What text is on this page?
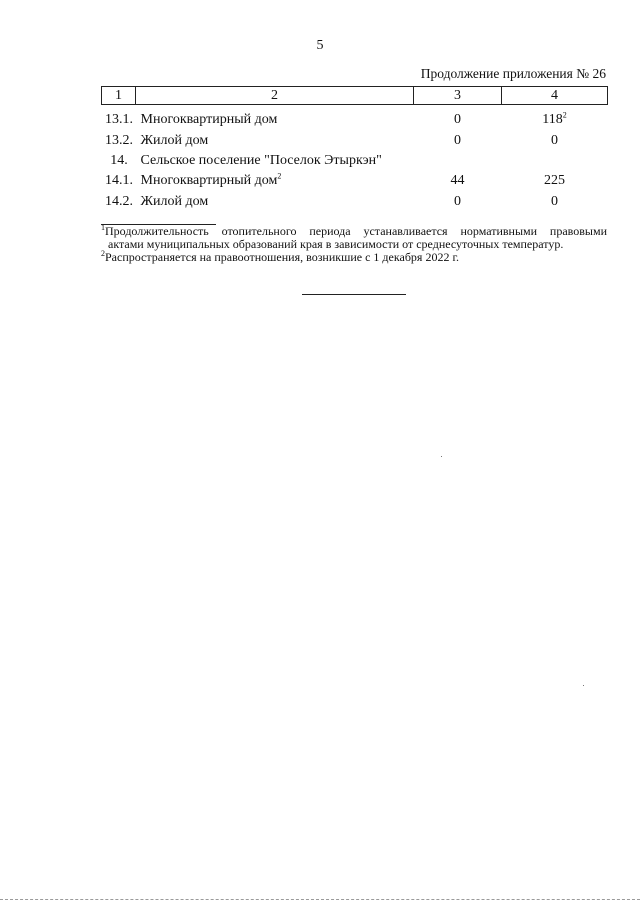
5
Продолжение приложения № 26
1	2	3	4
13.1.	Многоквартирный дом	0	$118^2$
13.2.	Жилой дом	0	0
14.	Сельское поселение "Поселок Этыркэн"		
14.1.	Многоквартирный дом$^2$	44	225
14.2.	Жилой дом	0	0

$^1$Продолжительность отопительного периода устанавливается нормативными правовыми
актами муниципальных образований края в зависимости от среднесуточных температур.

$^2$Распространяется на правоотношения, возникшие с 1 декабря 2022 г.
